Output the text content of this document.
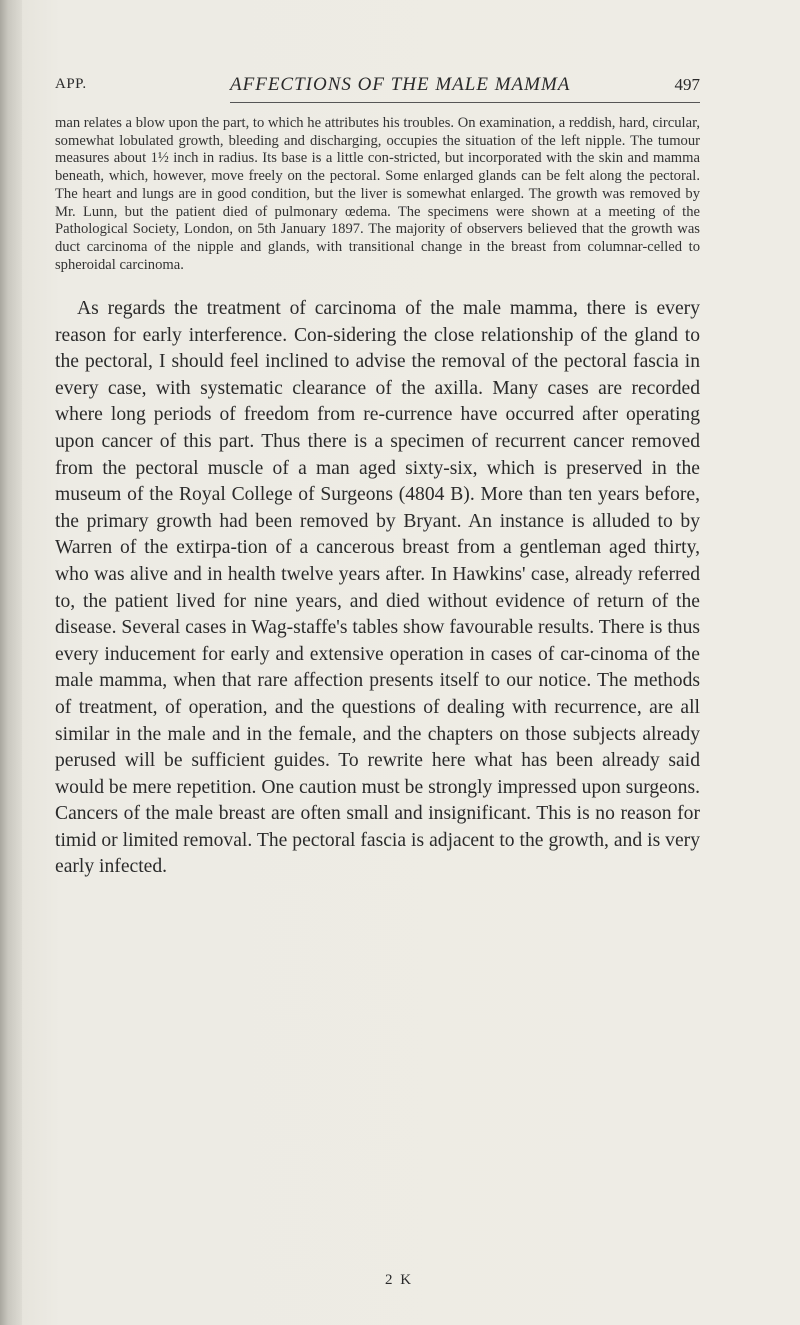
APP.	AFFECTIONS OF THE MALE MAMMA	497

man relates a blow upon the part, to which he attributes his troubles. On examination, a reddish, hard, circular, somewhat lobulated growth, bleeding and discharging, occupies the situation of the left nipple. The tumour measures about 1½ inch in radius. Its base is a little con-stricted, but incorporated with the skin and mamma beneath, which, however, move freely on the pectoral. Some enlarged glands can be felt along the pectoral. The heart and lungs are in good condition, but the liver is somewhat enlarged. The growth was removed by Mr. Lunn, but the patient died of pulmonary œdema. The specimens were shown at a meeting of the Pathological Society, London, on 5th January 1897. The majority of observers believed that the growth was duct carcinoma of the nipple and glands, with transitional change in the breast from columnar-celled to spheroidal carcinoma.

As regards the treatment of carcinoma of the male mamma, there is every reason for early interference. Con-sidering the close relationship of the gland to the pectoral, I should feel inclined to advise the removal of the pectoral fascia in every case, with systematic clearance of the axilla. Many cases are recorded where long periods of freedom from re-currence have occurred after operating upon cancer of this part. Thus there is a specimen of recurrent cancer removed from the pectoral muscle of a man aged sixty-six, which is preserved in the museum of the Royal College of Surgeons (4804 B). More than ten years before, the primary growth had been removed by Bryant. An instance is alluded to by Warren of the extirpa-tion of a cancerous breast from a gentleman aged thirty, who was alive and in health twelve years after. In Hawkins' case, already referred to, the patient lived for nine years, and died without evidence of return of the disease. Several cases in Wag-staffe's tables show favourable results. There is thus every inducement for early and extensive operation in cases of car-cinoma of the male mamma, when that rare affection presents itself to our notice. The methods of treatment, of operation, and the questions of dealing with recurrence, are all similar in the male and in the female, and the chapters on those subjects already perused will be sufficient guides. To rewrite here what has been already said would be mere repetition. One caution must be strongly impressed upon surgeons. Cancers of the male breast are often small and insignificant. This is no reason for timid or limited removal. The pectoral fascia is adjacent to the growth, and is very early infected.

2 K
